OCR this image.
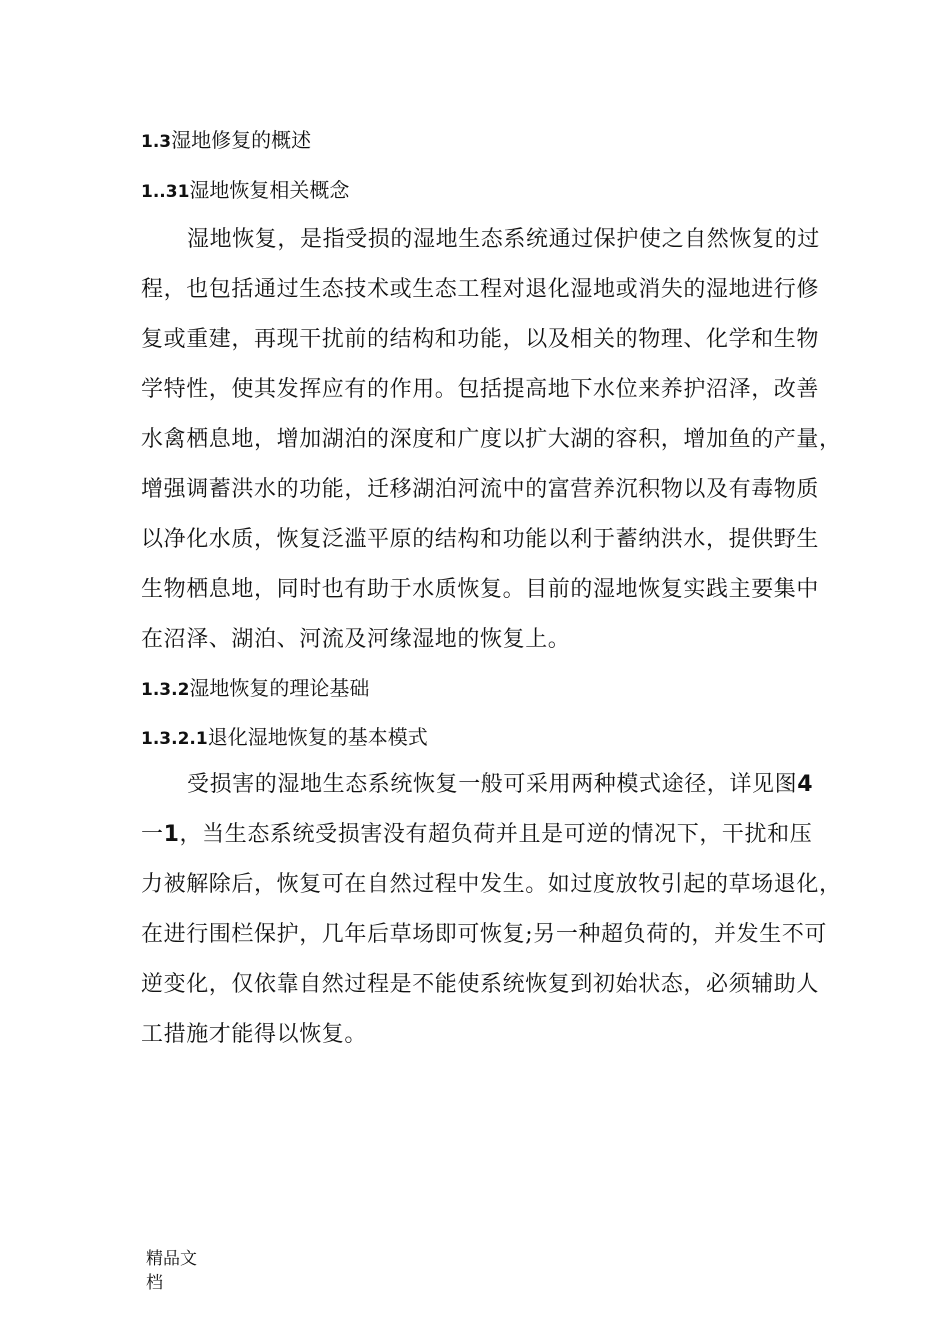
1.3湿地修复的概述
1..31湿地恢复相关概念
湿地恢复，是指受损的湿地生态系统通过保护使之自然恢复的过
程，也包括通过生态技术或生态工程对退化湿地或消失的湿地进行修
复或重建，再现干扰前的结构和功能，以及相关的物理、化学和生物
学特性，使其发挥应有的作用。包括提高地下水位来养护沼泽，改善
水禽栖息地，增加湖泊的深度和广度以扩大湖的容积，增加鱼的产量，
增强调蓄洪水的功能，迁移湖泊河流中的富营养沉积物以及有毒物质
以净化水质，恢复泛滥平原的结构和功能以利于蓄纳洪水，提供野生
生物栖息地，同时也有助于水质恢复。目前的湿地恢复实践主要集中
在沼泽、湖泊、河流及河缘湿地的恢复上。
1.3.2湿地恢复的理论基础
1.3.2.1退化湿地恢复的基本模式
受损害的湿地生态系统恢复一般可采用两种模式途径，详见图4
一1，当生态系统受损害没有超负荷并且是可逆的情况下，干扰和压
力被解除后，恢复可在自然过程中发生。如过度放牧引起的草场退化，
在进行围栏保护，几年后草场即可恢复;另一种超负荷的，并发生不可
逆变化，仅依靠自然过程是不能使系统恢复到初始状态，必须辅助人
工措施才能得以恢复。
精品文
档
